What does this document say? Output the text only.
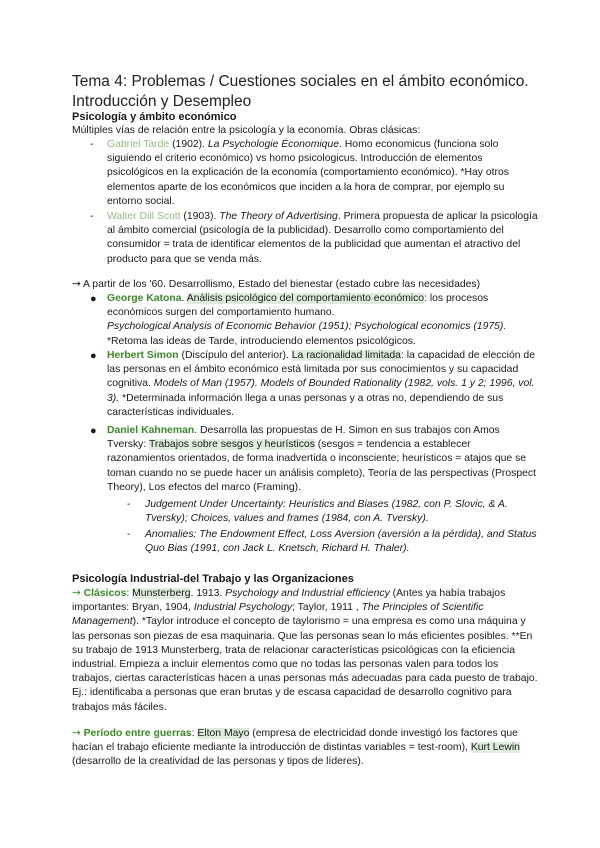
Tema 4: Problemas / Cuestiones sociales en el ámbito económico.
Introducción y Desempleo
Psicología y ámbito económico
Múltiples vías de relación entre la psicología y la economía. Obras clásicas:
- Gabriel Tarde (1902). La Psychologie Économique. Homo economicus (funciona solo siguiendo el criterio económico) vs homo psicologicus. Introducción de elementos psicológicos en la explicación de la economía (comportamiento económico). *Hay otros elementos aparte de los económicos que inciden a la hora de comprar, por ejemplo su entorno social.
- Walter Dill Scott (1903). The Theory of Advertising. Primera propuesta de aplicar la psicología al ámbito comercial (psicología de la publicidad). Desarrollo como comportamiento del consumidor = trata de identificar elementos de la publicidad que aumentan el atractivo del producto para que se venda más.
→ A partir de los '60. Desarrollismo, Estado del bienestar (estado cubre las necesidades)
● George Katona. Análisis psicológico del comportamiento económico: los procesos económicos surgen del comportamiento humano.
Psychological Analysis of Economic Behavior (1951); Psychological economics (1975). *Retoma las ideas de Tarde, introduciendo elementos psicológicos.
● Herbert Simon (Discípulo del anterior). La racionalidad limitada: la capacidad de elección de las personas en el ámbito económico está limitada por sus conocimientos y su capacidad cognitiva. Models of Man (1957). Models of Bounded Rationality (1982, vols. 1 y 2; 1996, vol. 3). *Determinada información llega a unas personas y a otras no, dependiendo de sus características individuales.
● Daniel Kahneman. Desarrolla las propuestas de H. Simon en sus trabajos con Amos Tversky: Trabajos sobre sesgos y heurísticos (sesgos = tendencia a establecer razonamientos orientados, de forma inadvertida o inconsciente; heurísticos = atajos que se toman cuando no se puede hacer un análisis completo), Teoría de las perspectivas (Prospect Theory), Los efectos del marco (Framing).
- Judgement Under Uncertainty: Heuristics and Biases (1982, con P. Slovic, & A. Tversky); Choices, values and frames (1984, con A. Tversky).
- Anomalies: The Endowment Effect, Loss Aversion (aversión a la pérdida), and Status Quo Bias (1991, con Jack L. Knetsch, Richard H. Thaler).
Psicología Industrial-del Trabajo y las Organizaciones
→ Clásicos: Munsterberg. 1913. Psychology and Industrial efficiency (Antes ya había trabajos importantes: Bryan, 1904, Industrial Psychology; Taylor, 1911 , The Principles of Scientific Management). *Taylor introduce el concepto de taylorismo = una empresa es como una máquina y las personas son piezas de esa maquinaria. Que las personas sean lo más eficientes posibles. **En su trabajo de 1913 Munsterberg, trata de relacionar características psicológicas con la eficiencia industrial. Empieza a incluir elementos como que no todas las personas valen para todos los trabajos, ciertas características hacen a unas personas más adecuadas para cada puesto de trabajo. Ej.: identificaba a personas que eran brutas y de escasa capacidad de desarrollo cognitivo para trabajos más fáciles.
→ Período entre guerras: Elton Mayo (empresa de electricidad donde investigó los factores que hacían el trabajo eficiente mediante la introducción de distintas variables = test-room), Kurt Lewin (desarrollo de la creatividad de las personas y tipos de líderes).
